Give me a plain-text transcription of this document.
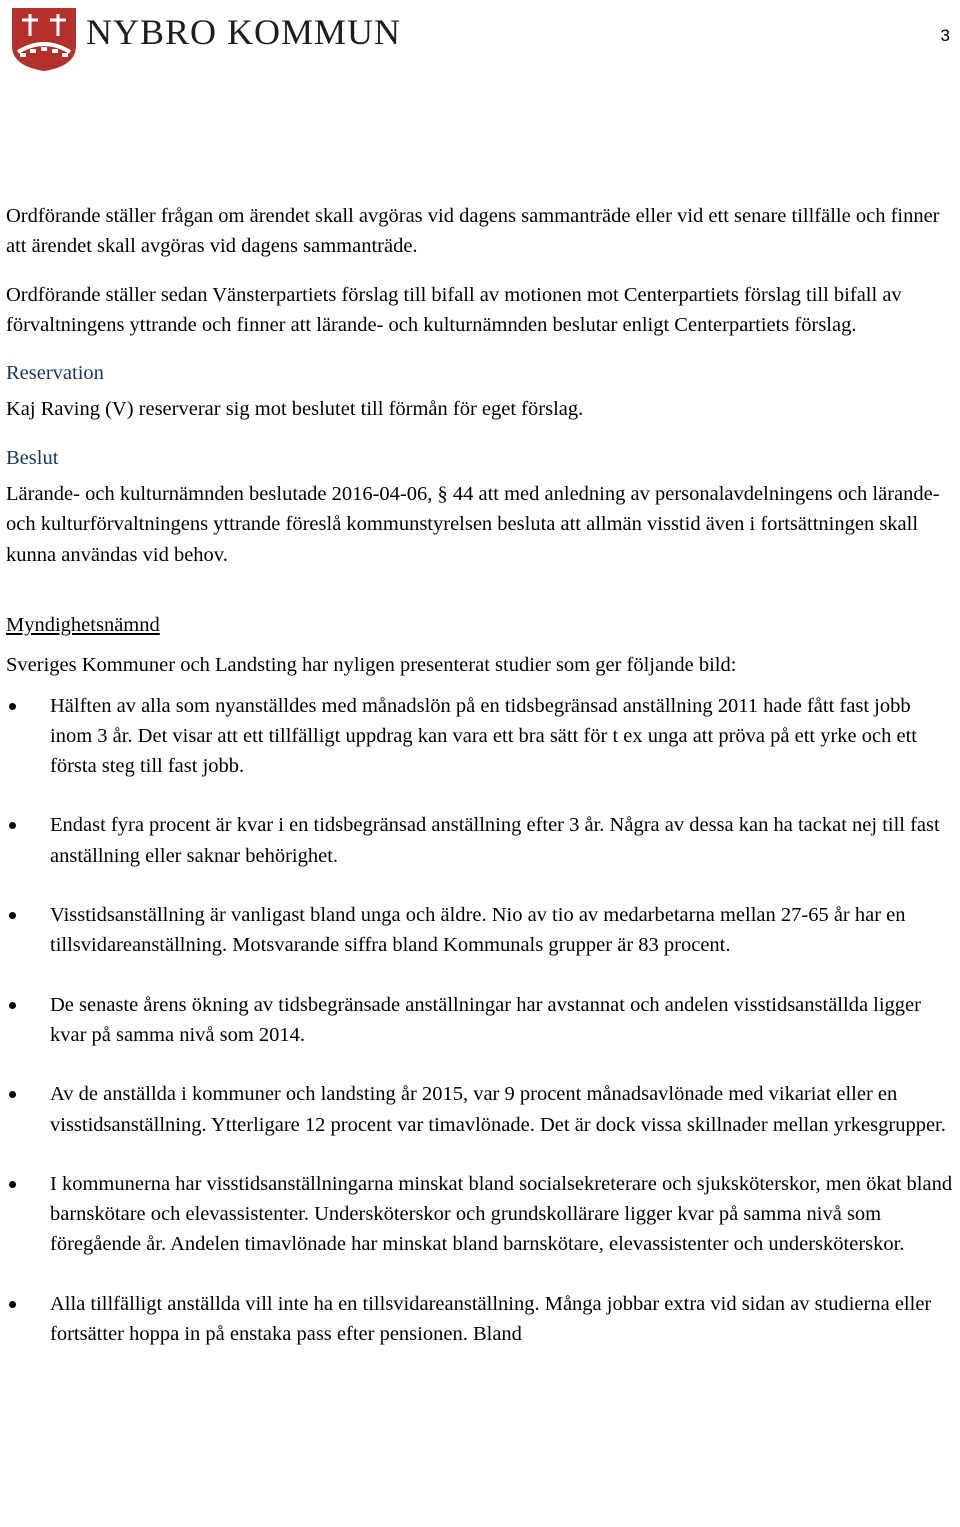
NYBRO KOMMUN	3

Ordförande ställer frågan om ärendet skall avgöras vid dagens sammanträde eller vid ett senare tillfälle och finner att ärendet skall avgöras vid dagens sammanträde.

Ordförande ställer sedan Vänsterpartiets förslag till bifall av motionen mot Centerpartiets förslag till bifall av förvaltningens yttrande och finner att lärande- och kulturnämnden beslutar enligt Centerpartiets förslag.

Reservation

Kaj Raving (V) reserverar sig mot beslutet till förmån för eget förslag.

Beslut

Lärande- och kulturnämnden beslutade 2016-04-06, § 44 att med anledning av personalavdelningens och lärande- och kulturförvaltningens yttrande föreslå kommunstyrelsen besluta att allmän visstid även i fortsättningen skall kunna användas vid behov.

Myndighetsnämnd

Sveriges Kommuner och Landsting har nyligen presenterat studier som ger följande bild:

Hälften av alla som nyanställdes med månadslön på en tidsbegränsad anställning 2011 hade fått fast jobb inom 3 år. Det visar att ett tillfälligt uppdrag kan vara ett bra sätt för t ex unga att pröva på ett yrke och ett första steg till fast jobb.
Endast fyra procent är kvar i en tidsbegränsad anställning efter 3 år. Några av dessa kan ha tackat nej till fast anställning eller saknar behörighet.
Visstidsanställning är vanligast bland unga och äldre. Nio av tio av medarbetarna mellan 27-65 år har en tillsvidareanställning. Motsvarande siffra bland Kommunals grupper är 83 procent.
De senaste årens ökning av tidsbegränsade anställningar har avstannat och andelen visstidsanställda ligger kvar på samma nivå som 2014.
Av de anställda i kommuner och landsting år 2015, var 9 procent månadsavlönade med vikariat eller en visstidsanställning. Ytterligare 12 procent var timavlönade. Det är dock vissa skillnader mellan yrkesgrupper.
I kommunerna har visstidsanställningarna minskat bland socialsekreterare och sjuksköterskor, men ökat bland barnskötare och elevassistenter. Undersköterskor och grundskollärare ligger kvar på samma nivå som föregående år. Andelen timavlönade har minskat bland barnskötare, elevassistenter och undersköterskor.
Alla tillfälligt anställda vill inte ha en tillsvidareanställning. Många jobbar extra vid sidan av studierna eller fortsätter hoppa in på enstaka pass efter pensionen. Bland
